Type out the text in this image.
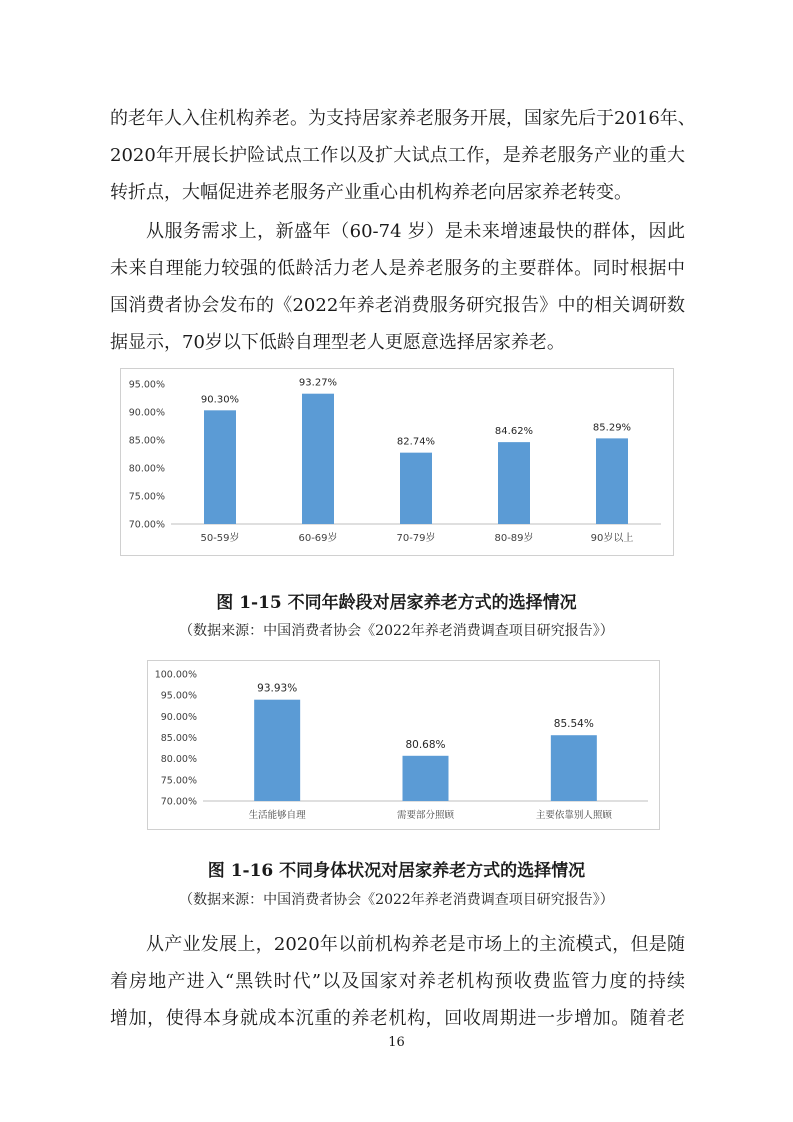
的老年人入住机构养老。为支持居家养老服务开展，国家先后于2016年、
2020年开展长护险试点工作以及扩大试点工作，是养老服务产业的重大
转折点，大幅促进养老服务产业重心由机构养老向居家养老转变。
从服务需求上，新盛年（60-74 岁）是未来增速最快的群体，因此
未来自理能力较强的低龄活力老人是养老服务的主要群体。同时根据中
国消费者协会发布的《2022年养老消费服务研究报告》中的相关调研数
据显示，70岁以下低龄自理型老人更愿意选择居家养老。
70.00%
75.00%
80.00%
85.00%
90.00%
95.00%
90.30%
50-59岁
93.27%
60-69岁
82.74%
70-79岁
84.62%
80-89岁
85.29%
90岁以上

图 1-15 不同年龄段对居家养老方式的选择情况

（数据来源：中国消费者协会《2022年养老消费调查项目研究报告》）

70.00%
75.00%
80.00%
85.00%
90.00%
95.00%
100.00%
93.93%
生活能够自理
80.68%
需要部分照顾
85.54%
主要依靠别人照顾

图 1-16 不同身体状况对居家养老方式的选择情况

（数据来源：中国消费者协会《2022年养老消费调查项目研究报告》）

从产业发展上，2020年以前机构养老是市场上的主流模式，但是随
着房地产进入“黑铁时代”以及国家对养老机构预收费监管力度的持续
增加，使得本身就成本沉重的养老机构，回收周期进一步增加。随着老
16
